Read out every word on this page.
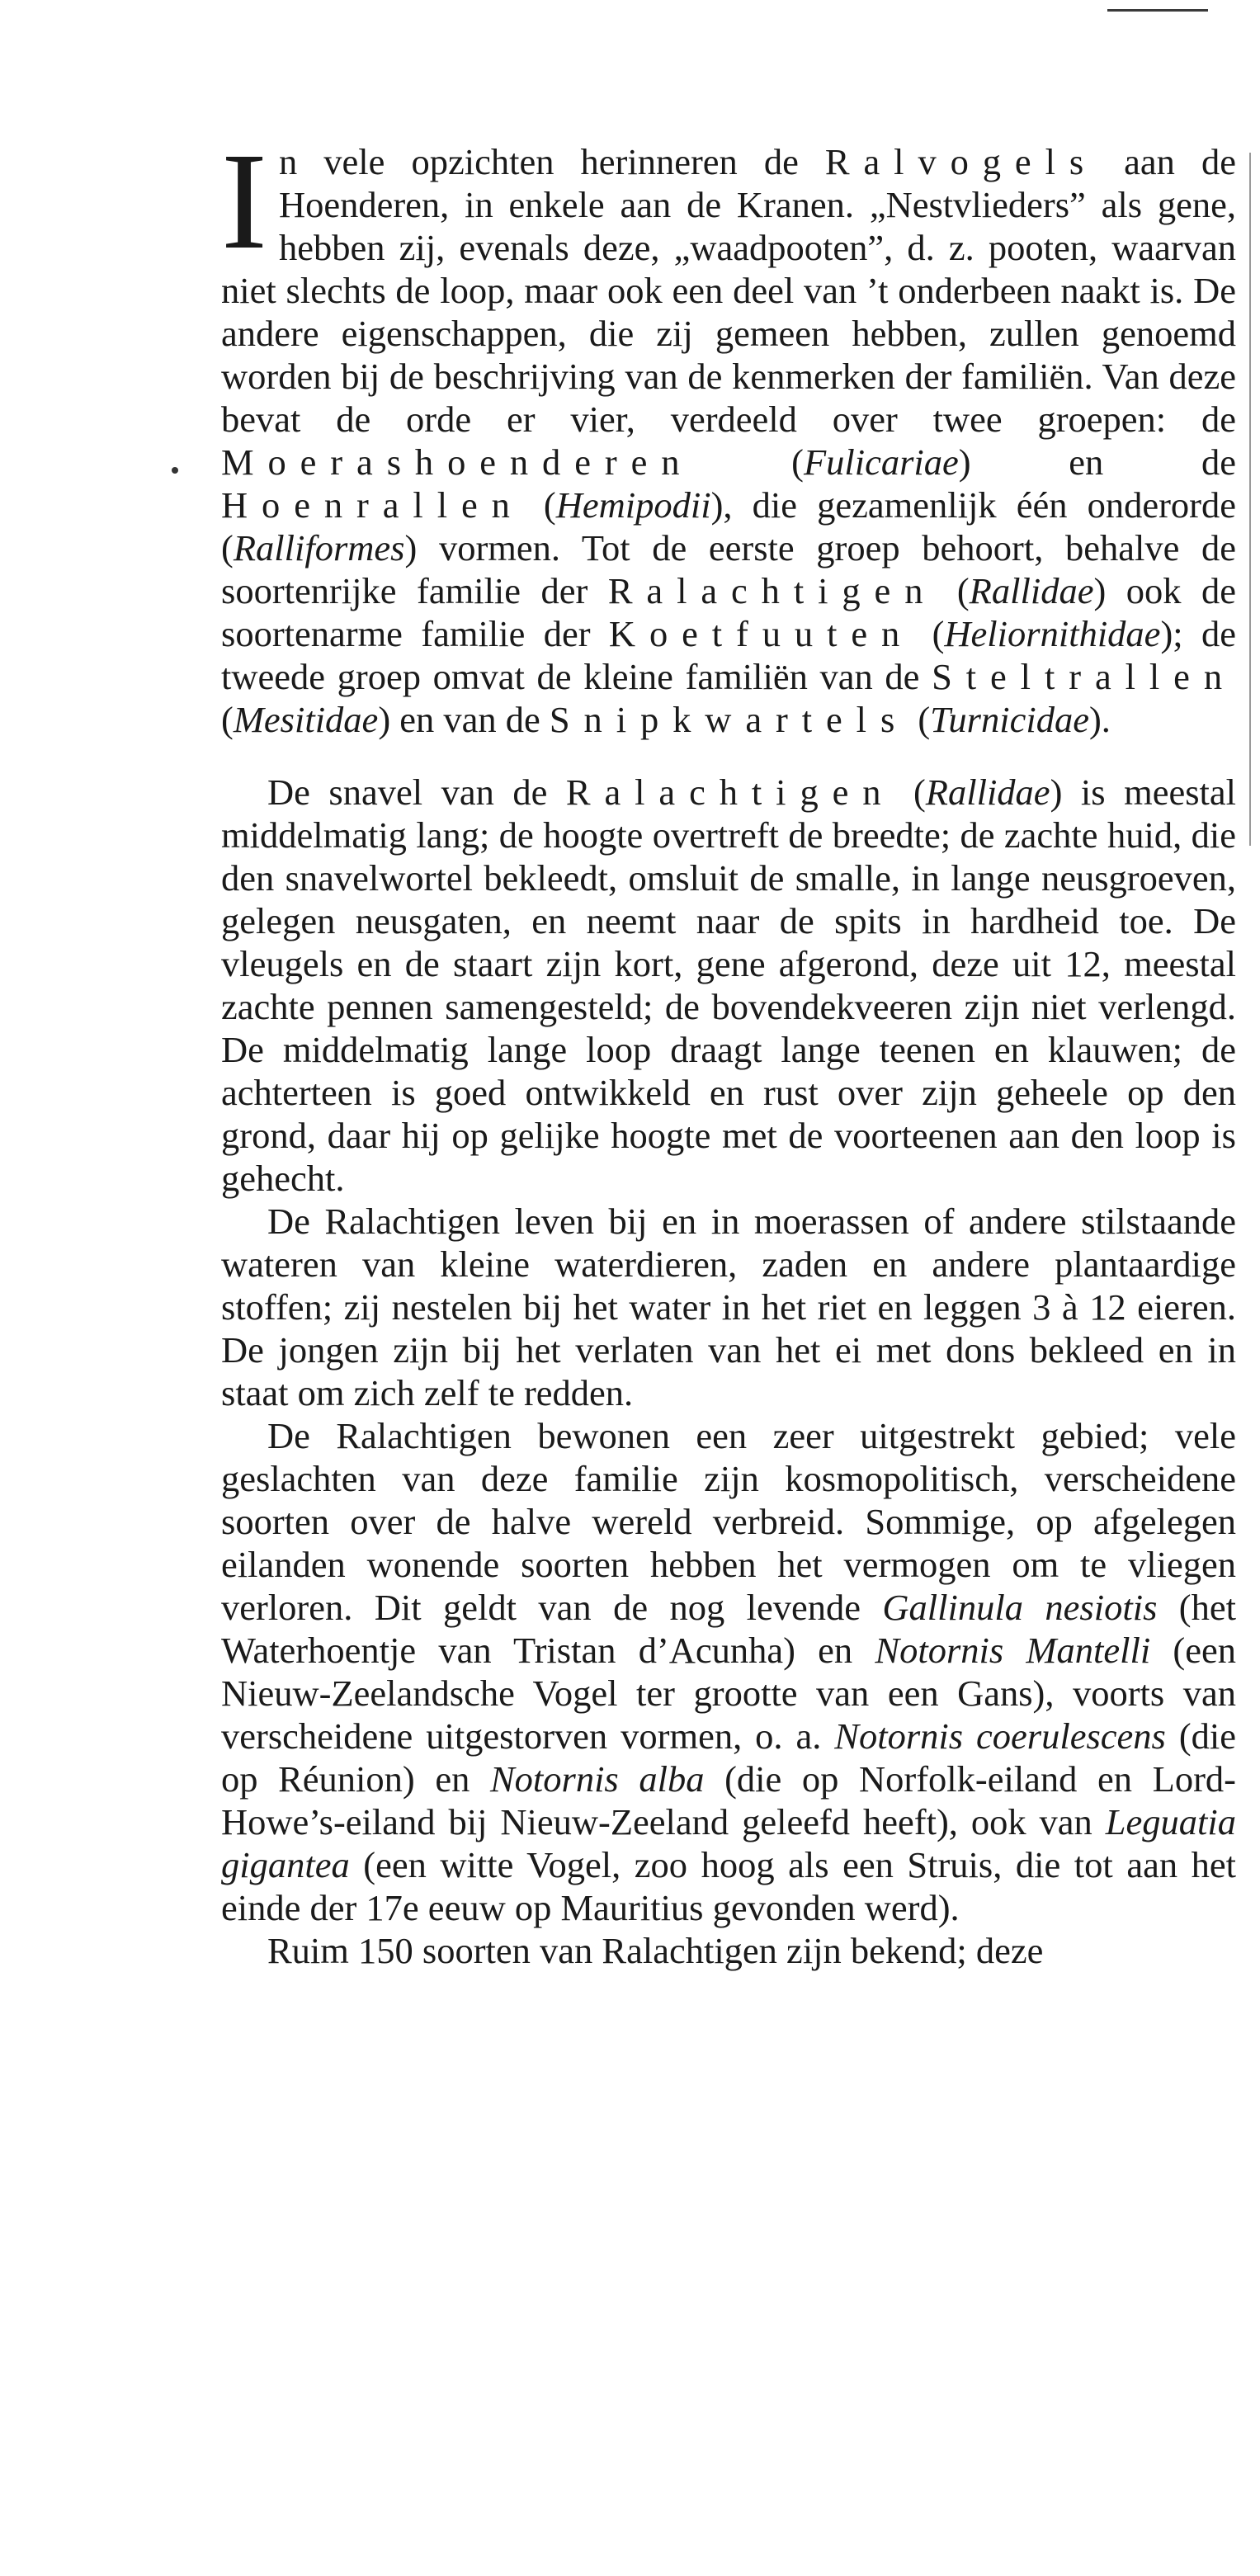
In vele opzichten herinneren de Ralvogels aan de Hoenderen, in enkele aan de Kranen. „Nestvlieders” als gene, hebben zij, evenals deze, „waadpooten”, d. z. pooten, waarvan niet slechts de loop, maar ook een deel van ’t onderbeen naakt is. De andere eigenschappen, die zij gemeen hebben, zullen genoemd worden bij de beschrijving van de kenmerken der familiën. Van deze bevat de orde er vier, verdeeld over twee groepen: de Moerashoenderen (Fulicariae) en de Hoenrallen (Hemipodii), die gezamenlijk één onderorde (Ralliformes) vormen. Tot de eerste groep behoort, behalve de soortenrijke familie der Ralachtigen (Rallidae) ook de soortenarme familie der Koetfuuten (Heliornithidae); de tweede groep omvat de kleine familiën van de Steltrallen (Mesitidae) en van de Snipkwartels (Turnicidae).

De snavel van de Ralachtigen (Rallidae) is meestal middelmatig lang; de hoogte overtreft de breedte; de zachte huid, die den snavelwortel bekleedt, omsluit de smalle, in lange neusgroeven, gelegen neusgaten, en neemt naar de spits in hardheid toe. De vleugels en de staart zijn kort, gene afgerond, deze uit 12, meestal zachte pennen samengesteld; de bovendekveeren zijn niet verlengd. De middelmatig lange loop draagt lange teenen en klauwen; de achterteen is goed ontwikkeld en rust over zijn geheele op den grond, daar hij op gelijke hoogte met de voorteenen aan den loop is gehecht.

De Ralachtigen leven bij en in moerassen of andere stilstaande wateren van kleine waterdieren, zaden en andere plantaardige stoffen; zij nestelen bij het water in het riet en leggen 3 à 12 eieren. De jongen zijn bij het verlaten van het ei met dons bekleed en in staat om zich zelf te redden.

De Ralachtigen bewonen een zeer uitgestrekt gebied; vele geslachten van deze familie zijn kosmopolitisch, verscheidene soorten over de halve wereld verbreid. Sommige, op afgelegen eilanden wonende soorten hebben het vermogen om te vliegen verloren. Dit geldt van de nog levende Gallinula nesiotis (het Waterhoentje van Tristan d’Acunha) en Notornis Mantelli (een Nieuw-Zeelandsche Vogel ter grootte van een Gans), voorts van verscheidene uitgestorven vormen, o. a. Notornis coerulescens (die op Réunion) en Notornis alba (die op Norfolk-eiland en Lord-Howe’s-eiland bij Nieuw-Zeeland geleefd heeft), ook van Leguatia gigantea (een witte Vogel, zoo hoog als een Struis, die tot aan het einde der 17e eeuw op Mauritius gevonden werd).

Ruim 150 soorten van Ralachtigen zijn bekend; deze
